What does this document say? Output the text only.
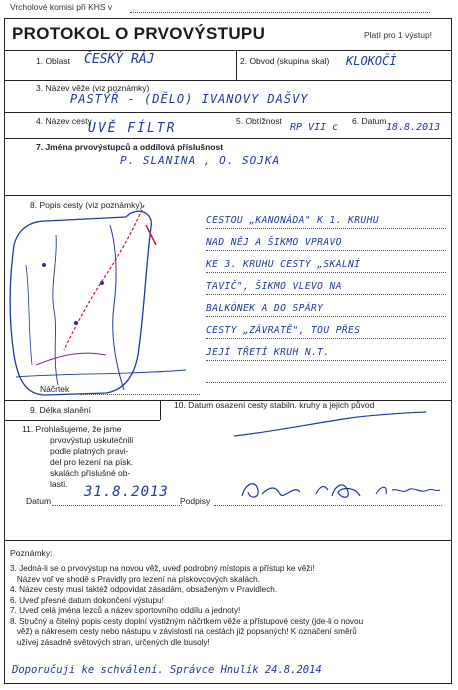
Vrcholové komisi při KHS v
PROTOKOL O PRVOVÝSTUPU	Platí pro 1 výstup!
1. Oblast ČESKÝ RÁJ	2. Obvod (skupina skal) KLOKOČÍ
3. Název věže (viz poznámky)
PASTÝŘ - (DĚLO) IVANOVY DAŠVY
4. Název cesty
UVĚ FÍLTR	5. Obtížnost
RP VII c
6. Datum
18.8.2013
7. Jména prvovýstupců a oddílová příslušnost
P. SLANINA , O. SOJKA
8. Popis cesty (viz poznámky)
Náčrtek
CESTOU „KANONÁDA" K 1. KRUHU
NAD NĚJ A ŠIKMO VPRAVO
KE 3. KRUHU CESTY „SKALNÍ
TAVIČ", ŠIKMO VLEVO NA
BALKÓNEK A DO SPÁRY
CESTY „ZÁVRATĚ", TOU PŘES
JEJÍ TŘETÍ KRUH N.T.
9. Délka slanění	10. Datum osazení cesty stabiln. kruhy a jejich původ
11. Prohlašujeme, že jsme
prvovýstup uskutečnili
podle platných pravi-
del pro lezení na písk.
skalách příslušné ob-
lasti.
Datum
31.8.2013
Podpisy
Poznámky:
3. Jedná-li se o prvovýstup na novou věž, uveď podrobný místopis a přístup ke věži!
Název voľ ve shodě s Pravidly pro lezení na pískovcových skalách.
4. Název cesty musí taktéž odpovídat zásadám, obsaženým v Pravidlech.
6. Uveď přesné datum dokončení výstupu!
7. Uveď celá jména lezců a název sportovního oddílu a jednoty!
8. Stručný a čitelný popis cesty doplní výstižným náčrtkem věže a přístupové cesty (jde-li o novou
věž) a nákresem cesty nebo nástupu v závislosti na cestách již popsaných! K označení směrů
užívej zásadně světových stran, určených dle busoly!
Doporučuji ke schválení. Správce Hnulík 24.8.2014
